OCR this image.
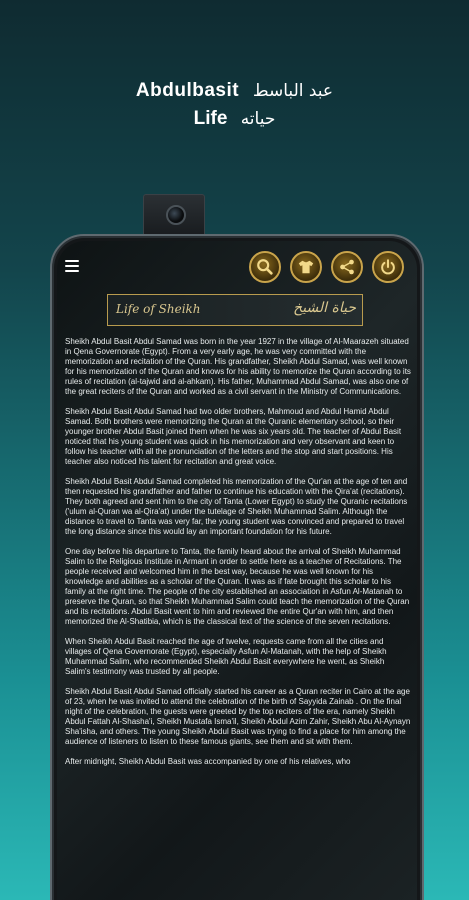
Abdulbasit عبد الباسط
Life حياته
Life of Sheikh	حياة الشيخ

Sheikh Abdul Basit Abdul Samad was born in the year 1927 in the village of Al-Maarazeh situated in Qena Governorate (Egypt). From a very early age, he was very committed with the memorization and recitation of the Quran. His grandfather, Sheikh Abdul Samad, was well known for his memorization of the Quran and knows for his ability to memorize the Quran according to its rules of recitation (al-tajwid and al-ahkam). His father, Muhammad Abdul Samad, was also one of the great reciters of the Quran and worked as a civil servant in the Ministry of Communications.

Sheikh Abdul Basit Abdul Samad had two older brothers, Mahmoud and Abdul Hamid Abdul Samad. Both brothers were memorizing the Quran at the Quranic elementary school, so their younger brother Abdul Basit joined them when he was six years old. The teacher of Abdul Basit noticed that his young student was quick in his memorization and very observant and keen to follow his teacher with all the pronunciation of the letters and the stop and start positions. His teacher also noticed his talent for recitation and great voice.

Sheikh Abdul Basit Abdul Samad completed his memorization of the Qur'an at the age of ten and then requested his grandfather and father to continue his education with the Qira'at (recitations). They both agreed and sent him to the city of Tanta (Lower Egypt) to study the Quranic recitations ('ulum al-Quran wa al-Qira'at) under the tutelage of Sheikh Muhammad Salim. Although the distance to travel to Tanta was very far, the young student was convinced and prepared to travel the long distance since this would lay an important foundation for his future.

One day before his departure to Tanta, the family heard about the arrival of Sheikh Muhammad Salim to the Religious Institute in Armant in order to settle here as a teacher of Recitations. The people received and welcomed him in the best way, because he was well known for his knowledge and abilities as a scholar of the Quran. It was as if fate brought this scholar to his family at the right time. The people of the city established an association in Asfun Al-Matanah to preserve the Quran, so that Sheikh Muhammad Salim could teach the memorization of the Quran and its recitations. Abdul Basit went to him and reviewed the entire Qur'an with him, and then memorized the Al-Shatibia, which is the classical text of the science of the seven recitations.

When Sheikh Abdul Basit reached the age of twelve, requests came from all the cities and villages of Qena Governorate (Egypt), especially Asfun Al-Matanah, with the help of Sheikh Muhammad Salim, who recommended Sheikh Abdul Basit everywhere he went, as Sheikh Salim's testimony was trusted by all people.

Sheikh Abdul Basit Abdul Samad officially started his career as a Quran reciter in Cairo at the age of 23, when he was invited to attend the celebration of the birth of Sayyida Zainab . On the final night of the celebration, the guests were greeted by the top reciters of the era, namely Sheikh Abdul Fattah Al-Shasha'i, Sheikh Mustafa Isma'il, Sheikh Abdul Azim Zahir, Sheikh Abu Al-Aynayn Sha'isha, and others. The young Sheikh Abdul Basit was trying to find a place for him among the audience of listeners to listen to these famous giants, see them and sit with them.

After midnight, Sheikh Abdul Basit was accompanied by one of his relatives, who
